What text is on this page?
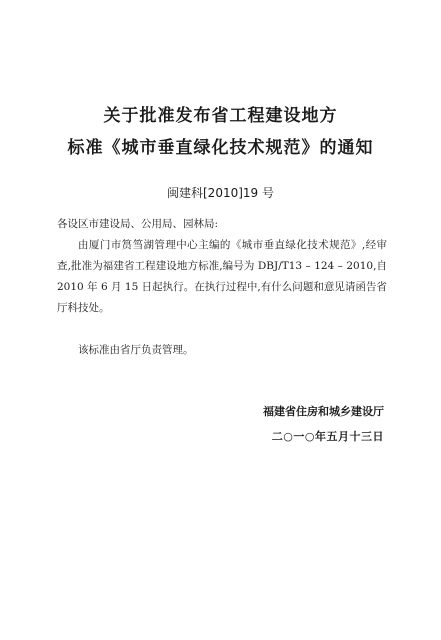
关于批准发布省工程建设地方
标准《城市垂直绿化技术规范》的通知
闽建科[2010]19 号
各设区市建设局、公用局、园林局:
由厦门市筼筜湖管理中心主编的《城市垂直绿化技术规范》,经审查,批准为福建省工程建设地方标准,编号为 DBJ/T13 – 124 – 2010,自 2010 年 6 月 15 日起执行。在执行过程中,有什么问题和意见请函告省厅科技处。
该标准由省厅负责管理。
福建省住房和城乡建设厅
二○一○年五月十三日
